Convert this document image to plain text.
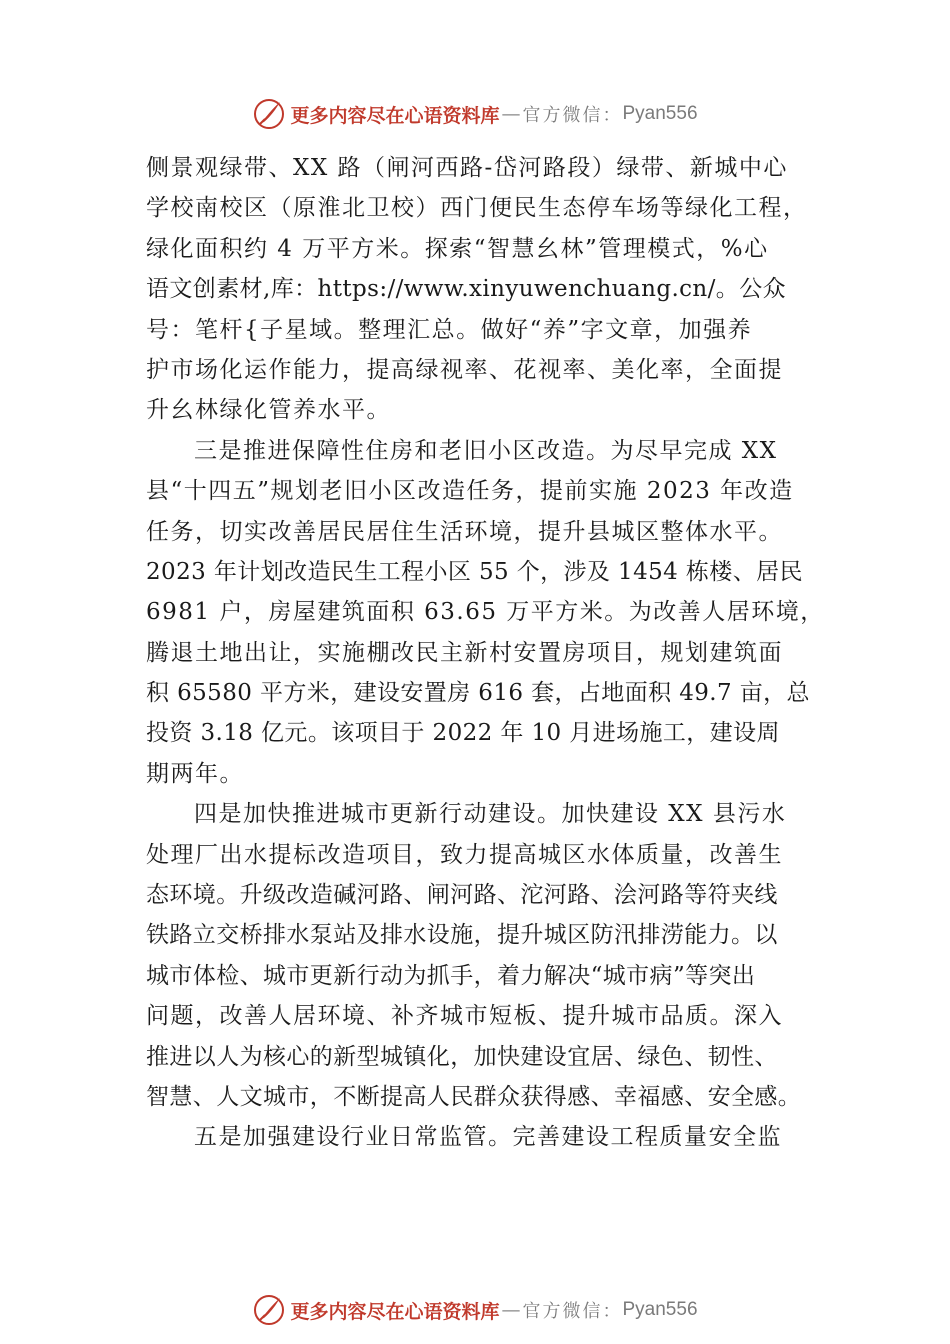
更多内容尽在心语资料库 — 官方微信： Pyan556
侧景观绿带、XX 路（闸河西路-岱河路段）绿带、新城中心
学校南校区（原淮北卫校）西门便民生态停车场等绿化工程，
绿化面积约 4 万平方米。探索“智慧⼳林”管理模式，%心
语文创素材,库：https://www.xinyuwenchuang.cn/。公众
号：笔杆{子星域。整理汇总。做好“养”字文章，加强养
护市场化运作能力，提高绿视率、花视率、美化率，全面提
升⼳林绿化管养水平。
三是推进保障性住房和老旧小区改造。为尽早完成 XX
县“十四五”规划老旧小区改造任务，提前实施 2023 年改造
任务，切实改善居民居住生活环境，提升县城区整体水平。
2023 年计划改造民生工程小区 55 个，涉及 1454 栋楼、居民
6981 户，房屋建筑面积 63.65 万平方米。为改善人居环境，
腾退土地出让，实施棚改民主新村安置房项目，规划建筑面
积 65580 平方米，建设安置房 616 套，占地面积 49.7 亩，总
投资 3.18 亿元。该项目于 2022 年 10 月进场施工，建设周
期两年。
四是加快推进城市更新行动建设。加快建设 XX 县污水
处理厂出水提标改造项目，致力提高城区水体质量，改善生
态环境。升级改造碱河路、闸河路、沱河路、浍河路等符夹线
铁路立交桥排水泵站及排水设施，提升城区防汛排涝能力。以
城市体检、城市更新行动为抓手，着力解决“城市病”等突出
问题，改善人居环境、补齐城市短板、提升城市品质。深入
推进以人为核心的新型城镇化，加快建设宜居、绿色、韧性、
智慧、人文城市，不断提高人民群众获得感、幸福感、安全感。
五是加强建设行业日常监管。完善建设工程质量安全监
更多内容尽在心语资料库 — 官方微信： Pyan556
